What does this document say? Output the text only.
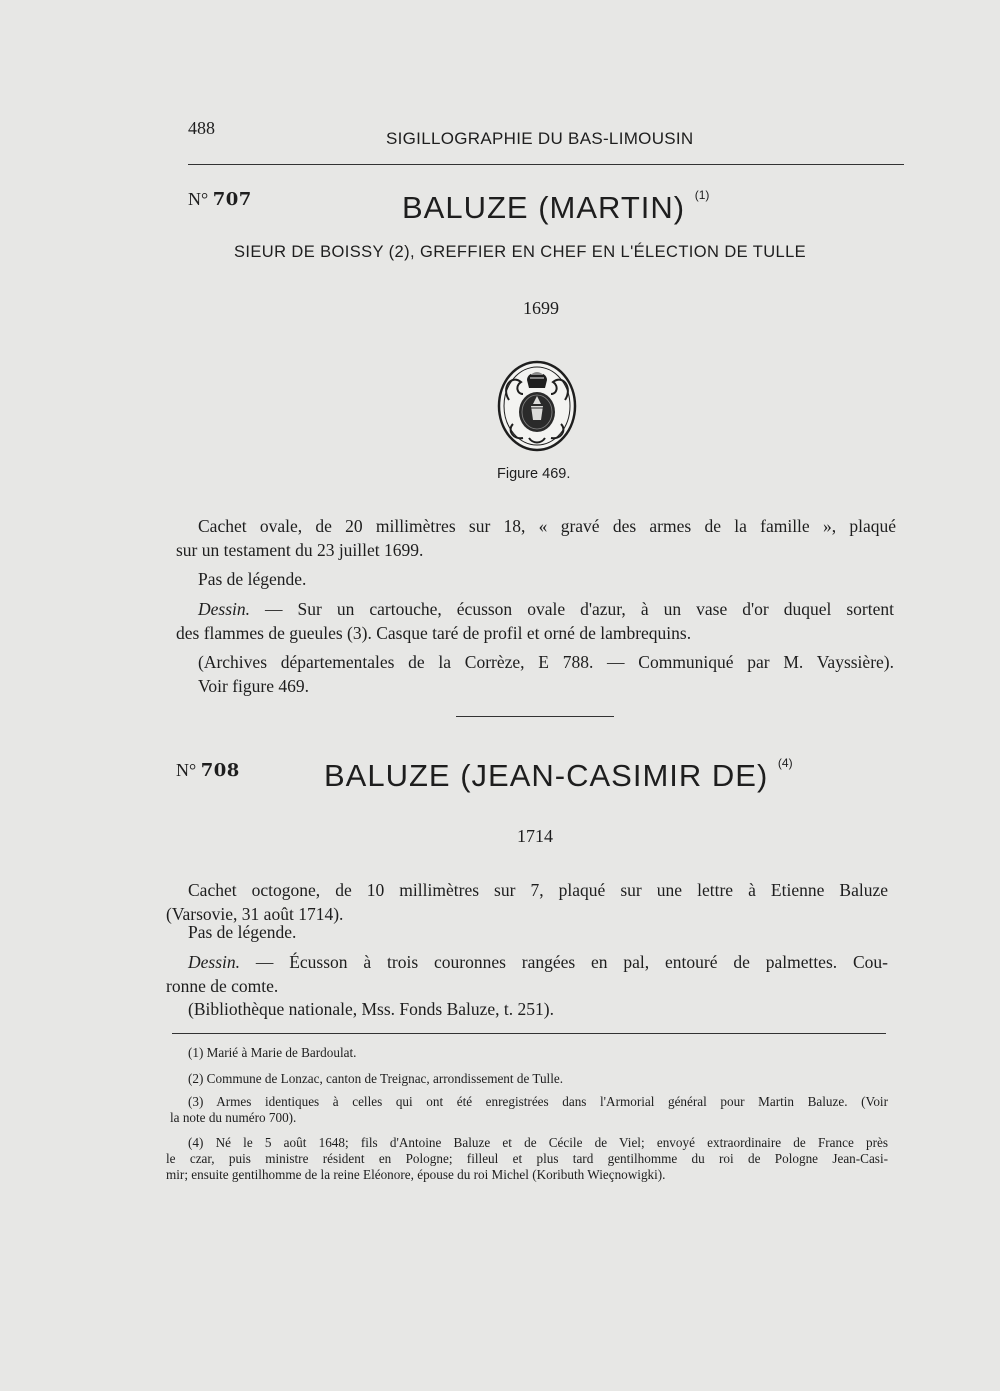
488
SIGILLOGRAPHIE DU BAS-LIMOUSIN
N° 707	BALUZE (MARTIN) $^{(1)}$
SIEUR DE BOISSY (2), GREFFIER EN CHEF EN L'ÉLECTION DE TULLE
1699
Figure 469.
Cachet ovale, de 20 millimètres sur 18, « gravé des armes de la famille », plaqué
sur un testament du 23 juillet 1699.
Pas de légende.
Dessin. — Sur un cartouche, écusson ovale d'azur, à un vase d'or duquel sortent
des flammes de gueules (3). Casque taré de profil et orné de lambrequins.
(Archives départementales de la Corrèze, E 788. — Communiqué par M. Vayssière).
Voir figure 469.
N° 708	BALUZE (JEAN-CASIMIR DE) $^{(4)}$
1714
Cachet octogone, de 10 millimètres sur 7, plaqué sur une lettre à Etienne Baluze
(Varsovie, 31 août 1714).
Pas de légende.
Dessin. — Écusson à trois couronnes rangées en pal, entouré de palmettes. Cou-
ronne de comte.
(Bibliothèque nationale, Mss. Fonds Baluze, t. 251).
(1) Marié à Marie de Bardoulat.
(2) Commune de Lonzac, canton de Treignac, arrondissement de Tulle.
(3) Armes identiques à celles qui ont été enregistrées dans l'Armorial général pour Martin Baluze. (Voir
la note du numéro 700).
(4) Né le 5 août 1648; fils d'Antoine Baluze et de Cécile de Viel; envoyé extraordinaire de France près
le czar, puis ministre résident en Pologne; filleul et plus tard gentilhomme du roi de Pologne Jean-Casi-
mir; ensuite gentilhomme de la reine Eléonore, épouse du roi Michel (Koributh Wieçnowigki).
